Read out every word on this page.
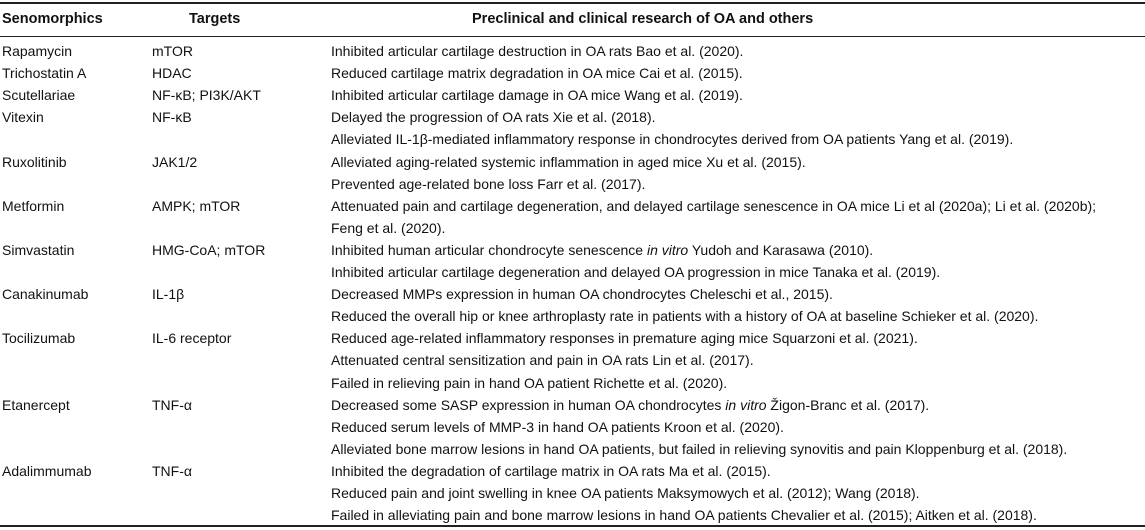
Senomorphics	Targets	Preclinical and clinical research of OA and others
Rapamycin	mTOR	Inhibited articular cartilage destruction in OA rats Bao et al. (2020).
Trichostatin A	HDAC	Reduced cartilage matrix degradation in OA mice Cai et al. (2015).
Scutellariae	NF-κB; PI3K/AKT	Inhibited articular cartilage damage in OA mice Wang et al. (2019).
Vitexin	NF-κB	Delayed the progression of OA rats Xie et al. (2018).
Alleviated IL-1β-mediated inflammatory response in chondrocytes derived from OA patients Yang et al. (2019).
Ruxolitinib	JAK1/2	Alleviated aging-related systemic inflammation in aged mice Xu et al. (2015).
Prevented age-related bone loss Farr et al. (2017).
Metformin	AMPK; mTOR	Attenuated pain and cartilage degeneration, and delayed cartilage senescence in OA mice Li et al (2020a); Li et al. (2020b);
Feng et al. (2020).
Simvastatin	HMG-CoA; mTOR	Inhibited human articular chondrocyte senescence in vitro Yudoh and Karasawa (2010).
Inhibited articular cartilage degeneration and delayed OA progression in mice Tanaka et al. (2019).
Canakinumab	IL-1β	Decreased MMPs expression in human OA chondrocytes Cheleschi et al., 2015).
Reduced the overall hip or knee arthroplasty rate in patients with a history of OA at baseline Schieker et al. (2020).
Tocilizumab	IL-6 receptor	Reduced age-related inflammatory responses in premature aging mice Squarzoni et al. (2021).
Attenuated central sensitization and pain in OA rats Lin et al. (2017).
Failed in relieving pain in hand OA patient Richette et al. (2020).
Etanercept	TNF-α	Decreased some SASP expression in human OA chondrocytes in vitro Žigon-Branc et al. (2017).
Reduced serum levels of MMP-3 in hand OA patients Kroon et al. (2020).
Alleviated bone marrow lesions in hand OA patients, but failed in relieving synovitis and pain Kloppenburg et al. (2018).
Adalimmumab	TNF-α	Inhibited the degradation of cartilage matrix in OA rats Ma et al. (2015).
Reduced pain and joint swelling in knee OA patients Maksymowych et al. (2012); Wang (2018).
Failed in alleviating pain and bone marrow lesions in hand OA patients Chevalier et al. (2015); Aitken et al. (2018).
